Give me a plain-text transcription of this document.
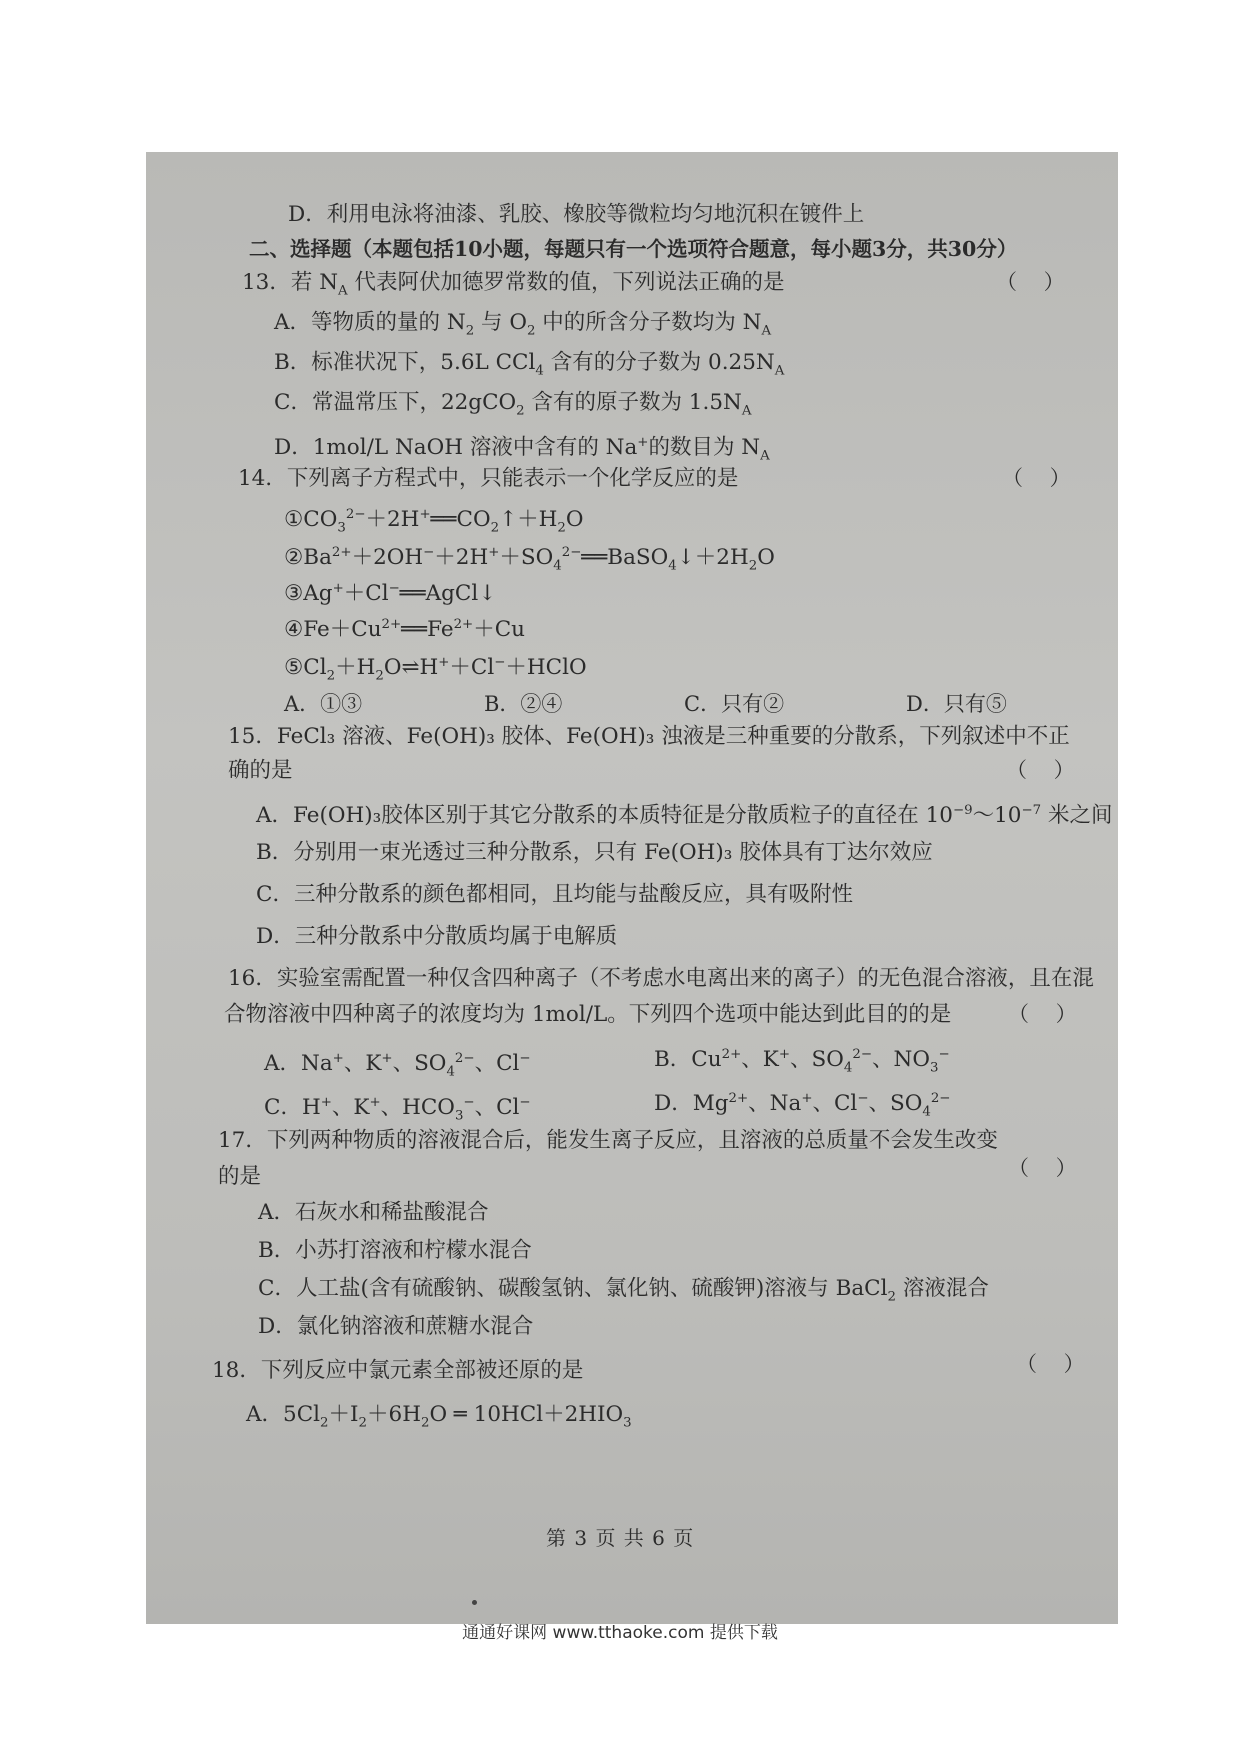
D．利用电泳将油漆、乳胶、橡胶等微粒均匀地沉积在镀件上
二、选择题（本题包括10小题，每题只有一个选项符合题意，每小题3分，共30分）
13．若 $N_A$ 代表阿伏加德罗常数的值，下列说法正确的是	（ ）
A．等物质的量的 $N_2$ 与 $O_2$ 中的所含分子数均为 $N_A$
B．标准状况下，5.6L CCl$_4$ 含有的分子数为 $0.25N_A$
C．常温常压下，22gCO$_2$ 含有的原子数为 $1.5N_A$
D．1mol/L NaOH 溶液中含有的 Na+的数目为 $N_A$
14．下列离子方程式中，只能表示一个化学反应的是	（ ）
$①CO_3^{2-}+2H^+══CO_2↑+H_2O$
$②Ba^{2+}+2OH^-+2H^++SO_4^{2-}══BaSO_4↓+2H_2O$
③Ag+＋Cl−══AgCl↓
$④Fe+Cu^{2+}══Fe^{2+}+Cu$
$⑤Cl_2+H_2O\rightleftharpoons H^++Cl^-+HClO$
A．①③	B．②④	C．只有②	D．只有⑤
15．FeCl₃ 溶液、Fe(OH)₃ 胶体、Fe(OH)₃ 浊液是三种重要的分散系，下列叙述中不正
确的是	（ ）
A．Fe(OH)₃胶体区别于其它分散系的本质特征是分散质粒子的直径在 $10^{-9}\sim 10^{-7}$ 米之间
B．分别用一束光透过三种分散系，只有 Fe(OH)₃ 胶体具有丁达尔效应
C．三种分散系的颜色都相同，且均能与盐酸反应，具有吸附性
D．三种分散系中分散质均属于电解质
16．实验室需配置一种仅含四种离子（不考虑水电离出来的离子）的无色混合溶液，且在混
合物溶液中四种离子的浓度均为 1mol/L。下列四个选项中能达到此目的的是	（ ）
A．Na+、K+、$SO_4^{2-}$、Cl−	B．$Cu^{2+}$、K+、$SO_4^{2-}$、$NO_3^-$
C．H+、K+、$HCO_3^-$、Cl−	D．$Mg^{2+}$、Na+、Cl−、$SO_4^{2-}$
17．下列两种物质的溶液混合后，能发生离子反应，且溶液的总质量不会发生改变
的是	（ ）
A．石灰水和稀盐酸混合
B．小苏打溶液和柠檬水混合
C．人工盐(含有硫酸钠、碳酸氢钠、氯化钠、硫酸钾)溶液与 BaCl$_2$ 溶液混合
D．氯化钠溶液和蔗糖水混合
18．下列反应中氯元素全部被还原的是	（ ）
A．$5Cl_2+I_2+6H_2O$ ═ $10HCl+2HIO_3$
第 3 页 共 6 页
通通好课网 www.tthaoke.com 提供下载
